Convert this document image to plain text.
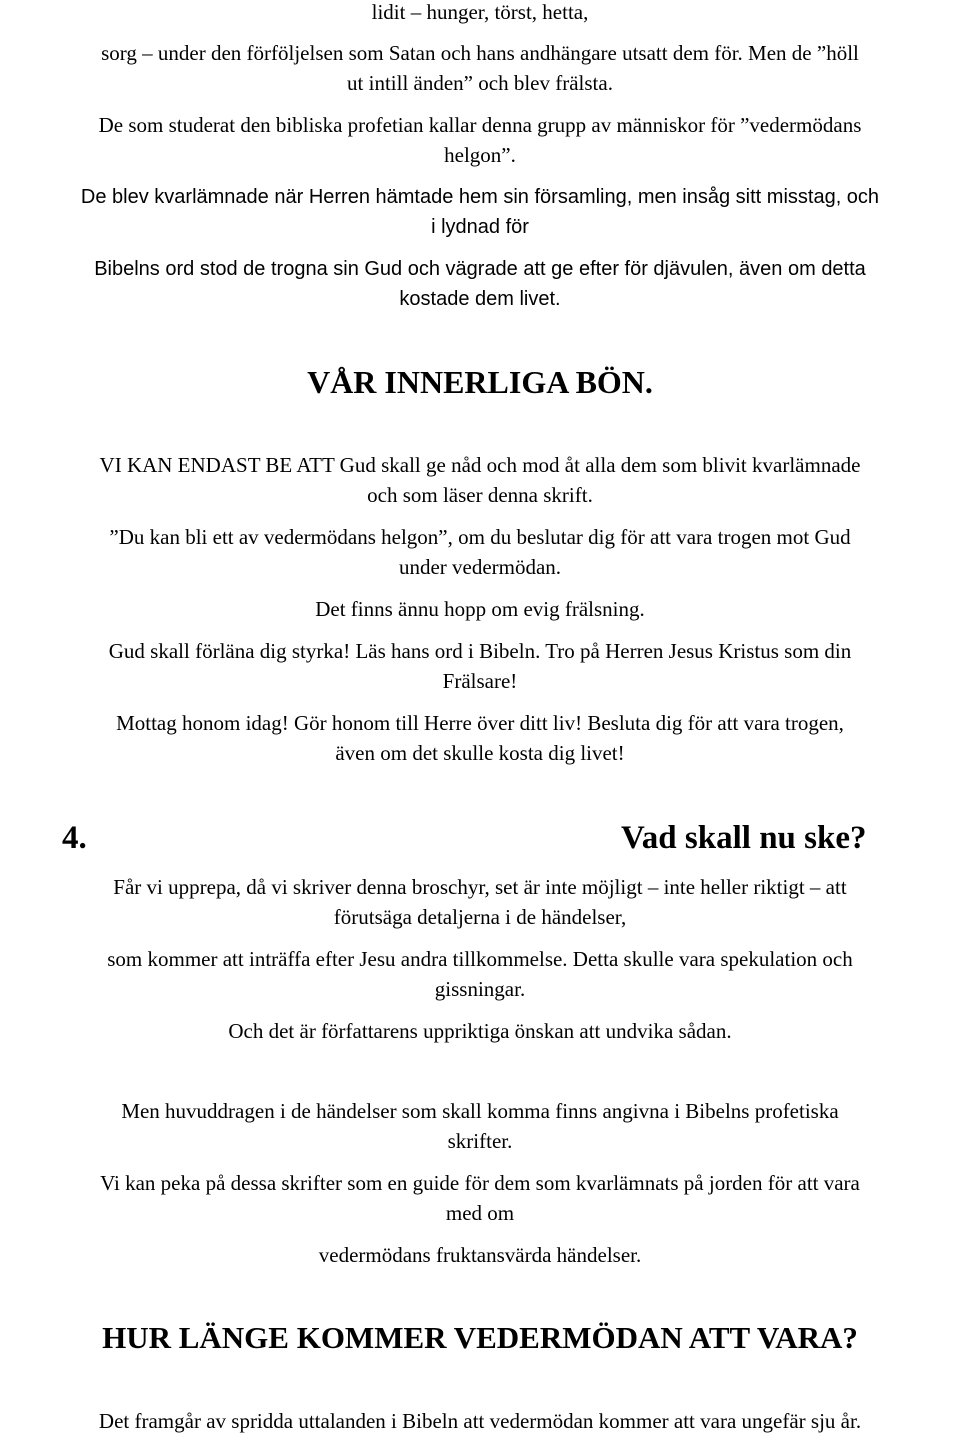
lidit – hunger, törst, hetta,

sorg – under den förföljelsen som Satan och hans andhängare utsatt dem för. Men de ”höll

ut intill änden” och blev frälsta.

De som studerat den bibliska profetian kallar denna grupp av människor för ”vedermödans

helgon”.

De blev kvarlämnade när Herren hämtade hem sin församling, men insåg sitt misstag, och

i lydnad för

Bibelns ord stod de trogna sin Gud och vägrade att ge efter för djävulen, även om detta

kostade dem livet.

VÅR INNERLIGA BÖN.

VI KAN ENDAST BE ATT Gud skall ge nåd och mod åt alla dem som blivit kvarlämnade

och som läser denna skrift.

”Du kan bli ett av vedermödans helgon”, om du beslutar dig för att vara trogen mot Gud

under vedermödan.

Det finns ännu hopp om evig frälsning.

Gud skall förläna dig styrka! Läs hans ord i Bibeln. Tro på Herren Jesus Kristus som din

Frälsare!

Mottag honom idag! Gör honom till Herre över ditt liv! Besluta dig för att vara trogen,

även om det skulle kosta dig livet!

4.	Vad skall nu ske?

Får vi upprepa, då vi skriver denna broschyr, set är inte möjligt – inte heller riktigt – att

förutsäga detaljerna i de händelser,

som kommer att inträffa efter Jesu andra tillkommelse. Detta skulle vara spekulation och

gissningar.

Och det är författarens uppriktiga önskan att undvika sådan.

Men huvuddragen i de händelser som skall komma finns angivna i Bibelns profetiska

skrifter.

Vi kan peka på dessa skrifter som en guide för dem som kvarlämnats på jorden för att vara

med om

vedermödans fruktansvärda händelser.

HUR LÄNGE KOMMER VEDERMÖDAN ATT VARA?

Det framgår av spridda uttalanden i Bibeln att vedermödan kommer att vara ungefär sju år.
